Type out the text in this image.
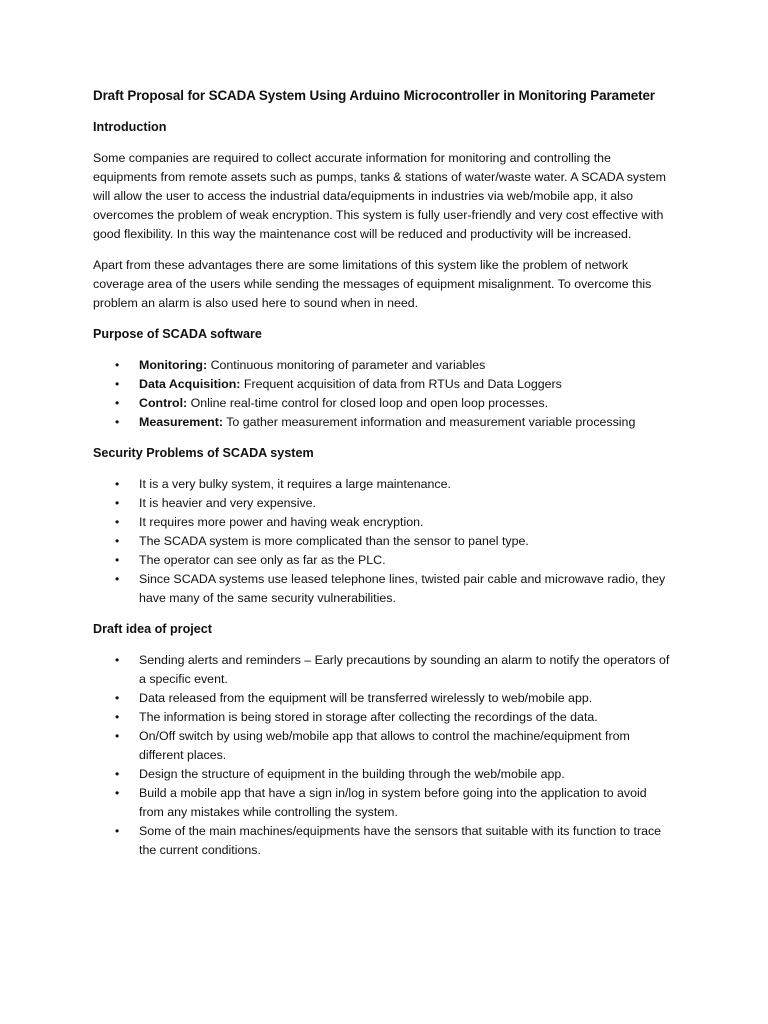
Draft Proposal for SCADA System Using Arduino Microcontroller in Monitoring Parameter
Introduction

Some companies are required to collect accurate information for monitoring and controlling the equipments from remote assets such as pumps, tanks & stations of water/waste water. A SCADA system will allow the user to access the industrial data/equipments in industries via web/mobile app, it also overcomes the problem of weak encryption. This system is fully user-friendly and very cost effective with good flexibility. In this way the maintenance cost will be reduced and productivity will be increased.

Apart from these advantages there are some limitations of this system like the problem of network coverage area of the users while sending the messages of equipment misalignment. To overcome this problem an alarm is also used here to sound when in need.

Purpose of SCADA software
• Monitoring: Continuous monitoring of parameter and variables
• Data Acquisition: Frequent acquisition of data from RTUs and Data Loggers
• Control: Online real-time control for closed loop and open loop processes.
• Measurement: To gather measurement information and measurement variable processing
Security Problems of SCADA system
• It is a very bulky system, it requires a large maintenance.
• It is heavier and very expensive.
• It requires more power and having weak encryption.
• The SCADA system is more complicated than the sensor to panel type.
• The operator can see only as far as the PLC.
• Since SCADA systems use leased telephone lines, twisted pair cable and microwave radio, they have many of the same security vulnerabilities.
Draft idea of project
• Sending alerts and reminders – Early precautions by sounding an alarm to notify the operators of a specific event.
• Data released from the equipment will be transferred wirelessly to web/mobile app.
• The information is being stored in storage after collecting the recordings of the data.
• On/Off switch by using web/mobile app that allows to control the machine/equipment from different places.
• Design the structure of equipment in the building through the web/mobile app.
• Build a mobile app that have a sign in/log in system before going into the application to avoid from any mistakes while controlling the system.
• Some of the main machines/equipments have the sensors that suitable with its function to trace the current conditions.
